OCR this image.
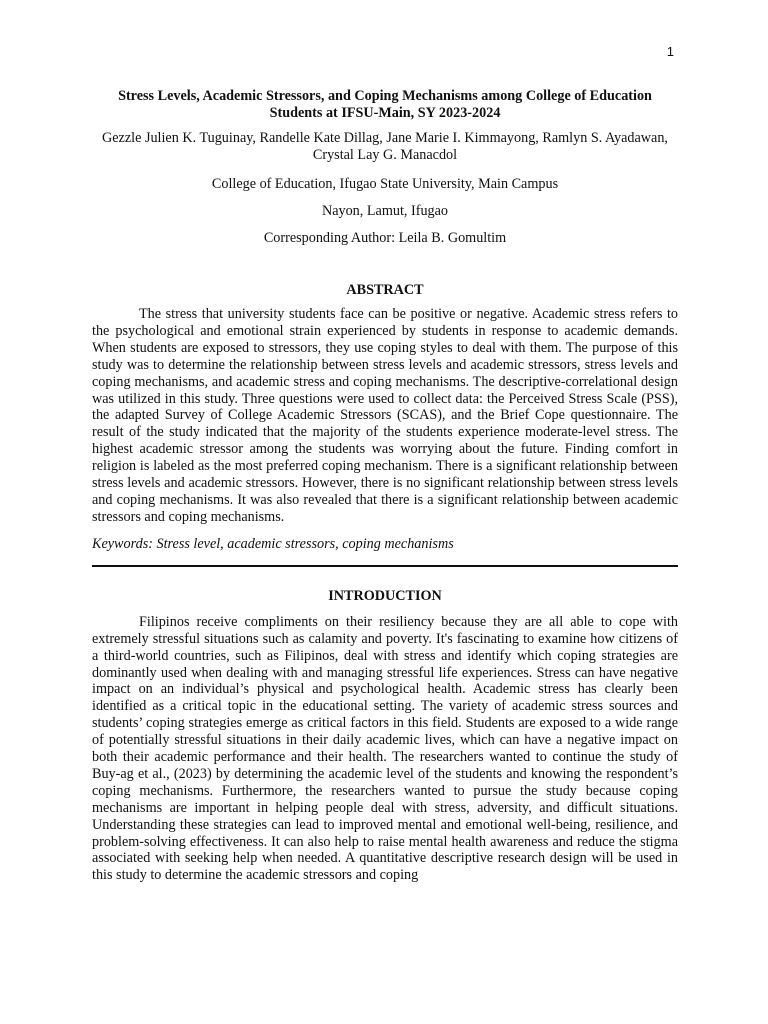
1
Stress Levels, Academic Stressors, and Coping Mechanisms among College of Education Students at IFSU-Main, SY 2023-2024
Gezzle Julien K. Tuguinay, Randelle Kate Dillag, Jane Marie I. Kimmayong, Ramlyn S. Ayadawan, Crystal Lay G. Manacdol
College of Education, Ifugao State University, Main Campus
Nayon, Lamut, Ifugao
Corresponding Author: Leila B. Gomultim
ABSTRACT

The stress that university students face can be positive or negative. Academic stress refers to the psychological and emotional strain experienced by students in response to academic demands. When students are exposed to stressors, they use coping styles to deal with them. The purpose of this study was to determine the relationship between stress levels and academic stressors, stress levels and coping mechanisms, and academic stress and coping mechanisms. The descriptive-correlational design was utilized in this study. Three questions were used to collect data: the Perceived Stress Scale (PSS), the adapted Survey of College Academic Stressors (SCAS), and the Brief Cope questionnaire. The result of the study indicated that the majority of the students experience moderate-level stress. The highest academic stressor among the students was worrying about the future. Finding comfort in religion is labeled as the most preferred coping mechanism. There is a significant relationship between stress levels and academic stressors. However, there is no significant relationship between stress levels and coping mechanisms. It was also revealed that there is a significant relationship between academic stressors and coping mechanisms.

Keywords: Stress level, academic stressors, coping mechanisms
INTRODUCTION

Filipinos receive compliments on their resiliency because they are all able to cope with extremely stressful situations such as calamity and poverty. It's fascinating to examine how citizens of a third-world countries, such as Filipinos, deal with stress and identify which coping strategies are dominantly used when dealing with and managing stressful life experiences. Stress can have negative impact on an individual’s physical and psychological health. Academic stress has clearly been identified as a critical topic in the educational setting. The variety of academic stress sources and students’ coping strategies emerge as critical factors in this field. Students are exposed to a wide range of potentially stressful situations in their daily academic lives, which can have a negative impact on both their academic performance and their health. The researchers wanted to continue the study of Buy-ag et al., (2023) by determining the academic level of the students and knowing the respondent’s coping mechanisms. Furthermore, the researchers wanted to pursue the study because coping mechanisms are important in helping people deal with stress, adversity, and difficult situations. Understanding these strategies can lead to improved mental and emotional well-being, resilience, and problem-solving effectiveness. It can also help to raise mental health awareness and reduce the stigma associated with seeking help when needed. A quantitative descriptive research design will be used in this study to determine the academic stressors and coping
